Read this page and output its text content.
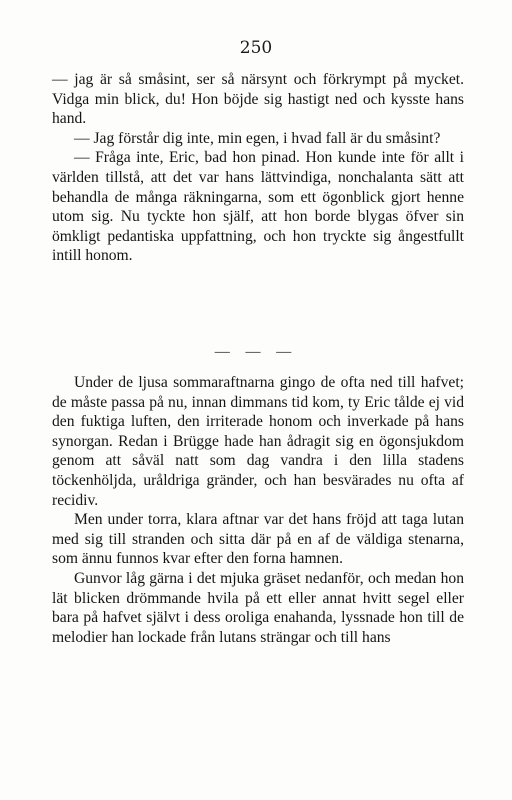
250

— jag är så småsint, ser så närsynt och förkrympt på mycket. Vidga min blick, du! Hon böjde sig hastigt ned och kysste hans hand.

— Jag förstår dig inte, min egen, i hvad fall är du småsint?

— Fråga inte, Eric, bad hon pinad. Hon kunde inte för allt i världen tillstå, att det var hans lättvindiga, nonchalanta sätt att behandla de många räkningarna, som ett ögonblick gjort henne utom sig. Nu tyckte hon själf, att hon borde blygas öfver sin ömkligt pedantiska uppfattning, och hon tryckte sig ångestfullt intill honom.

— — —

Under de ljusa sommaraftnarna gingo de ofta ned till hafvet; de måste passa på nu, innan dimmans tid kom, ty Eric tålde ej vid den fuktiga luften, den irriterade honom och inverkade på hans synorgan. Redan i Brügge hade han ådragit sig en ögonsjukdom genom att såväl natt som dag vandra i den lilla stadens töckenhöljda, uråldriga gränder, och han besvärades nu ofta af recidiv.

Men under torra, klara aftnar var det hans fröjd att taga lutan med sig till stranden och sitta där på en af de väldiga stenarna, som ännu funnos kvar efter den forna hamnen.

Gunvor låg gärna i det mjuka gräset nedanför, och medan hon lät blicken drömmande hvila på ett eller annat hvitt segel eller bara på hafvet självt i dess oroliga enahanda, lyssnade hon till de melodier han lockade från lutans strängar och till hans
